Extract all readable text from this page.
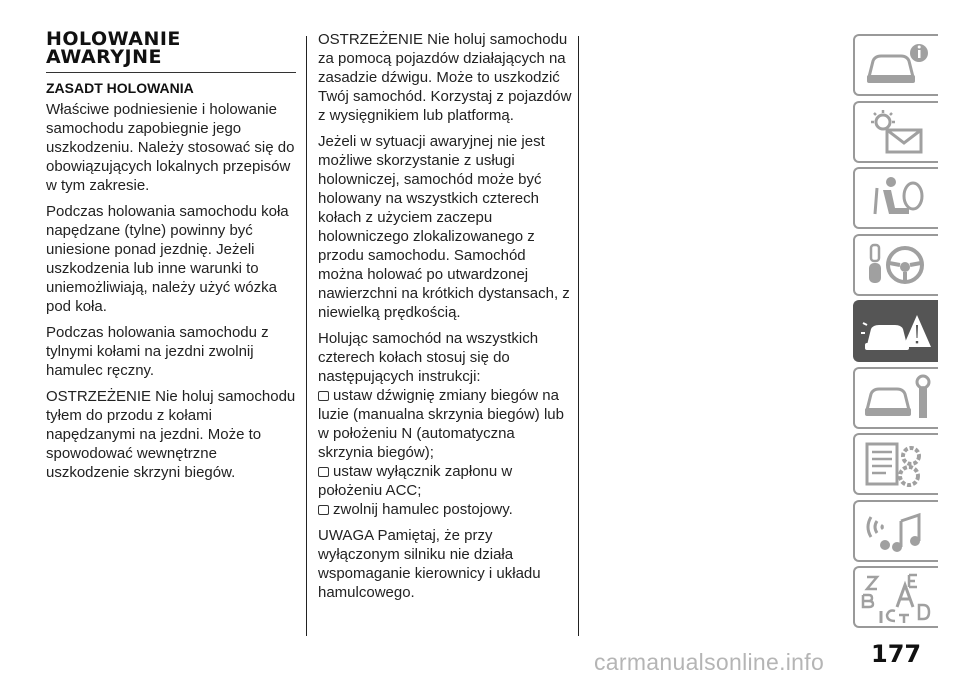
HOLOWANIE
AWARYJNE
ZASADT HOLOWANIA

Właściwe podniesienie i holowanie samochodu zapobiegnie jego uszkodzeniu. Należy stosować się do obowiązujących lokalnych przepisów w tym zakresie.

Podczas holowania samochodu koła napędzane (tylne) powinny być uniesione ponad jezdnię. Jeżeli uszkodzenia lub inne warunki to uniemożliwiają, należy użyć wózka pod koła.

Podczas holowania samochodu z tylnymi kołami na jezdni zwolnij hamulec ręczny.

OSTRZEŻENIE Nie holuj samochodu tyłem do przodu z kołami napędzanymi na jezdni. Może to spowodować wewnętrzne uszkodzenie skrzyni biegów.

OSTRZEŻENIE Nie holuj samochodu za pomocą pojazdów działających na zasadzie dźwigu. Może to uszkodzić Twój samochód. Korzystaj z pojazdów z wysięgnikiem lub platformą.

Jeżeli w sytuacji awaryjnej nie jest możliwe skorzystanie z usługi holowniczej, samochód może być holowany na wszystkich czterech kołach z użyciem zaczepu holowniczego zlokalizowanego z przodu samochodu. Samochód można holować po utwardzonej nawierzchni na krótkich dystansach, z niewielką prędkością.

Holując samochód na wszystkich czterech kołach stosuj się do następujących instrukcji:
ustaw dźwignię zmiany biegów na luzie (manualna skrzynia biegów) lub w położeniu N (automatyczna skrzynia biegów);
ustaw wyłącznik zapłonu w położeniu ACC;
zwolnij hamulec postojowy.

UWAGA Pamiętaj, że przy wyłączonym silniku nie działa wspomaganie kierownicy i układu hamulcowego.

177
carmanualsonline.info
